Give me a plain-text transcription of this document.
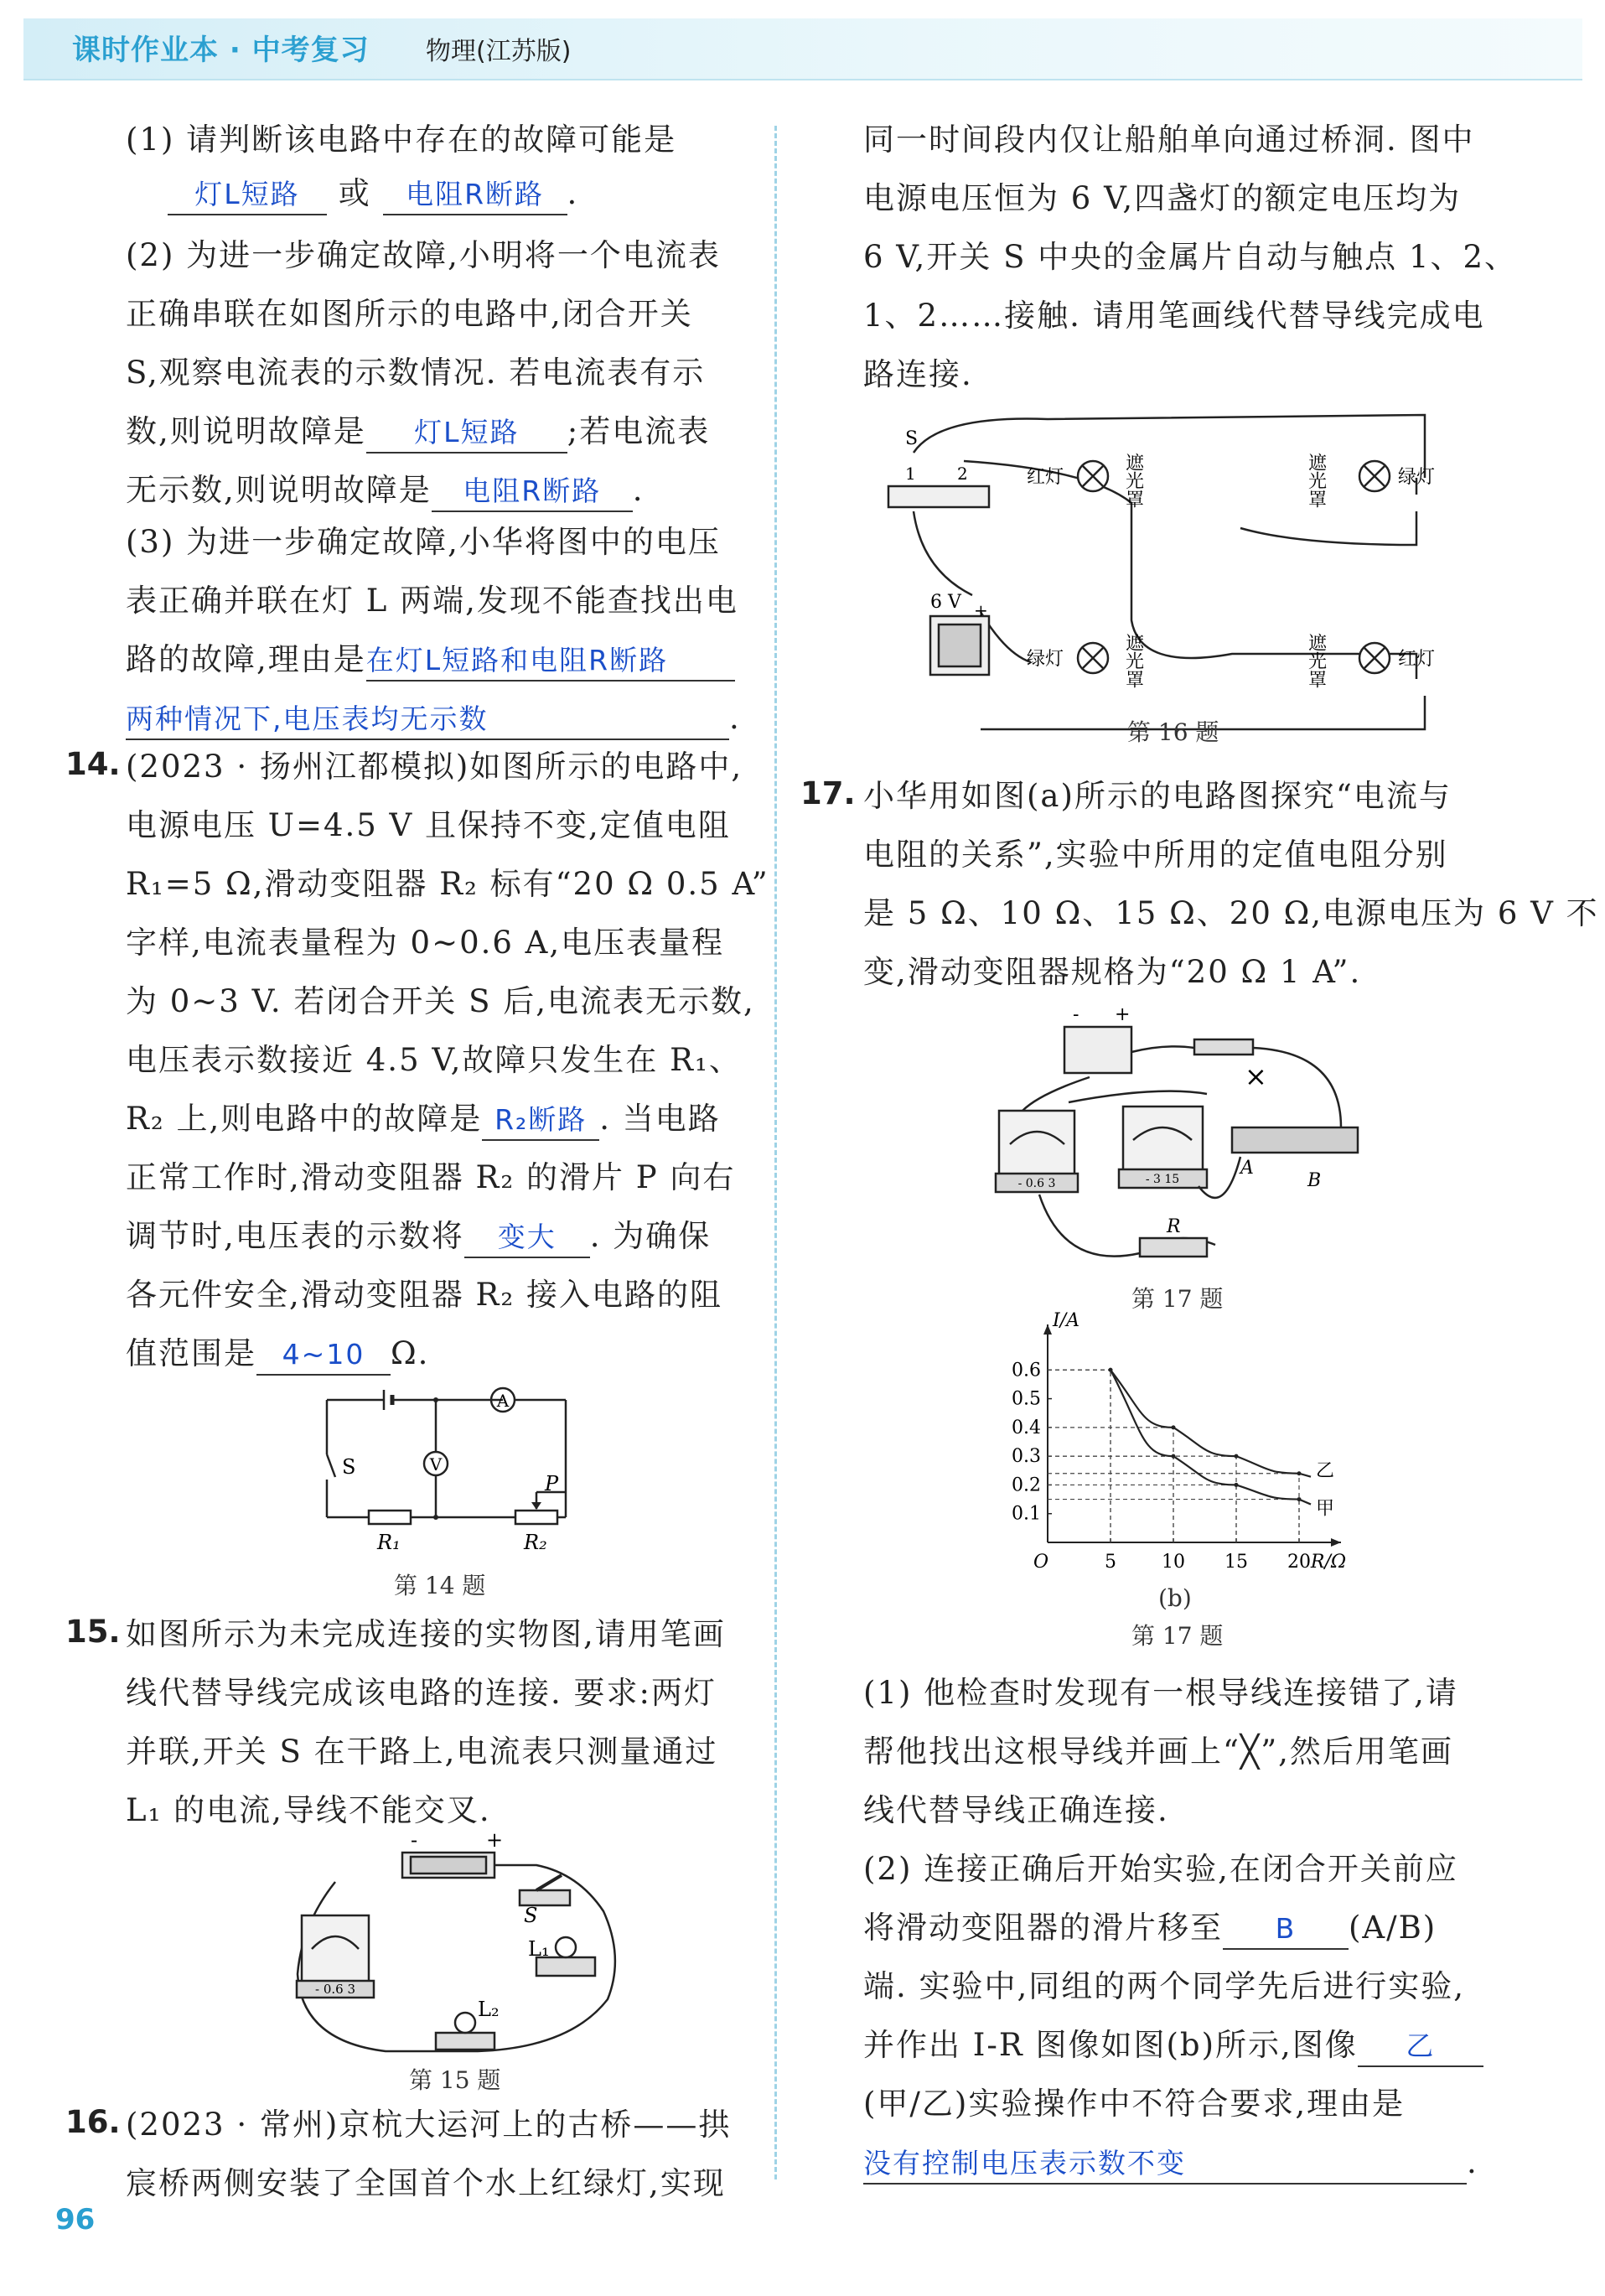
课时作业本 · 中考复习 物理(江苏版)
(1) 请判断该电路中存在的故障可能是
灯L短路 或 电阻R断路 .
(2) 为进一步确定故障,小明将一个电流表
正确串联在如图所示的电路中,闭合开关
S,观察电流表的示数情况. 若电流表有示
数,则说明故障是 灯L短路 ;若电流表
无示数,则说明故障是 电阻R断路 .
(3) 为进一步确定故障,小华将图中的电压
表正确并联在灯 L 两端,发现不能查找出电
路的故障,理由是在灯L短路和电阻R断路
两种情况下,电压表均无示数	.
14. (2023 · 扬州江都模拟)如图所示的电路中,
电源电压 U=4.5 V 且保持不变,定值电阻
R₁=5 Ω,滑动变阻器 R₂ 标有“20 Ω 0.5 A”
字样,电流表量程为 0~0.6 A,电压表量程
为 0~3 V. 若闭合开关 S 后,电流表无示数,
电压表示数接近 4.5 V,故障只发生在 R₁、
R₂ 上,则电路中的故障是 R₂断路 . 当电路
正常工作时,滑动变阻器 R₂ 的滑片 P 向右
调节时,电压表的示数将 变大 . 为确保
各元件安全,滑动变阻器 R₂ 接入电路的阻
值范围是 4~10 Ω.
A
V
S
P
R₁	R₂
第 14 题
15. 如图所示为未完成连接的实物图,请用笔画
线代替导线完成该电路的连接. 要求:两灯
并联,开关 S 在干路上,电流表只测量通过
L₁ 的电流,导线不能交叉.
-	+
S
L₁
L₂
- 0.6 3
第 15 题
16. (2023 · 常州)京杭大运河上的古桥——拱
宸桥两侧安装了全国首个水上红绿灯,实现
96
同一时间段内仅让船舶单向通过桥洞. 图中
电源电压恒为 6 V,四盏灯的额定电压均为
6 V,开关 S 中央的金属片自动与触点 1、2、
1、2……接触. 请用笔画线代替导线完成电
路连接.
S
1 2	红灯	绿灯
绿灯	红灯
遮光罩	遮光罩
遮光罩	遮光罩
6 V +
第 16 题
17. 小华用如图(a)所示的电路图探究“电流与
电阻的关系”,实验中所用的定值电阻分别
是 5 Ω、10 Ω、15 Ω、20 Ω,电源电压为 6 V 不
变,滑动变阻器规格为“20 Ω 1 A”.
- +
×
A
B
R
- 0.6 3	- 3 15
第 17 题
O	R/Ω
I/A
5 10 15 20
0.1
0.2
0.3
0.4
0.5
0.6
甲
乙
(b)
第 17 题
(1) 他检查时发现有一根导线连接错了,请
帮他找出这根导线并画上“╳”,然后用笔画
线代替导线正确连接.
(2) 连接正确后开始实验,在闭合开关前应
将滑动变阻器的滑片移至 B (A/B)
端. 实验中,同组的两个同学先后进行实验,
并作出 I-R 图像如图(b)所示,图像 乙
(甲/乙)实验操作中不符合要求,理由是
没有控制电压表示数不变	.
